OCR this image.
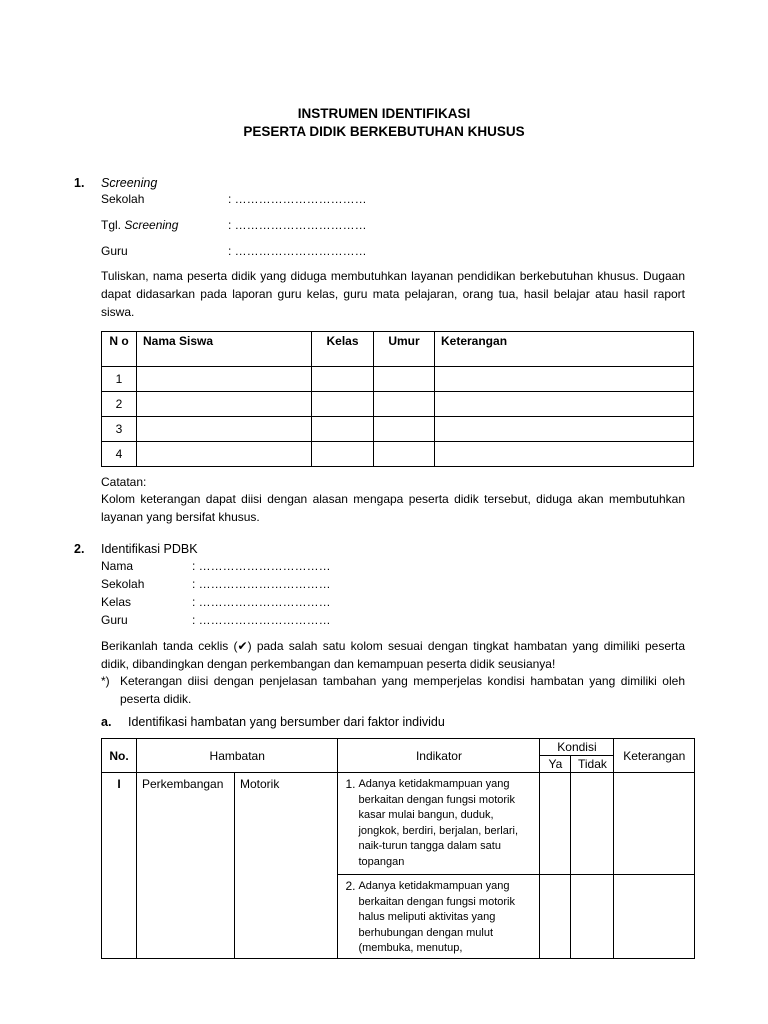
INSTRUMEN IDENTIFIKASI
PESERTA DIDIK BERKEBUTUHAN KHUSUS
1. Screening
Sekolah	: ……………………………
Tgl. Screening	: ……………………………
Guru	: ……………………………
Tuliskan, nama peserta didik yang diduga membutuhkan layanan pendidikan berkebutuhan khusus. Dugaan dapat didasarkan pada laporan guru kelas, guru mata pelajaran, orang tua, hasil belajar atau hasil raport siswa.
N o	Nama Siswa	Kelas	Umur	Keterangan
1				
2				
3				
4				
Catatan:
Kolom keterangan dapat diisi dengan alasan mengapa peserta didik tersebut, diduga akan membutuhkan layanan yang bersifat khusus.
2. Identifikasi PDBK
Nama	: ……………………………
Sekolah	: ……………………………
Kelas	: ……………………………
Guru	: ……………………………
Berikanlah tanda ceklis (✔) pada salah satu kolom sesuai dengan tingkat hambatan yang dimiliki peserta didik, dibandingkan dengan perkembangan dan kemampuan peserta didik seusianya!
*) Keterangan diisi dengan penjelasan tambahan yang memperjelas kondisi hambatan yang dimiliki oleh peserta didik.
a. Identifikasi hambatan yang bersumber dari faktor individu
No.	Hambatan		Indikator	Kondisi		Keterangan
				Ya	Tidak	
I	Perkembangan	Motorik	1. Adanya ketidakmampuan yang berkaitan dengan fungsi motorik kasar mulai bangun, duduk, jongkok, berdiri, berjalan, berlari, naik-turun tangga dalam satu topangan			

			2. Adanya ketidakmampuan yang berkaitan dengan fungsi motorik halus meliputi aktivitas yang berhubungan dengan mulut (membuka, menutup,			
